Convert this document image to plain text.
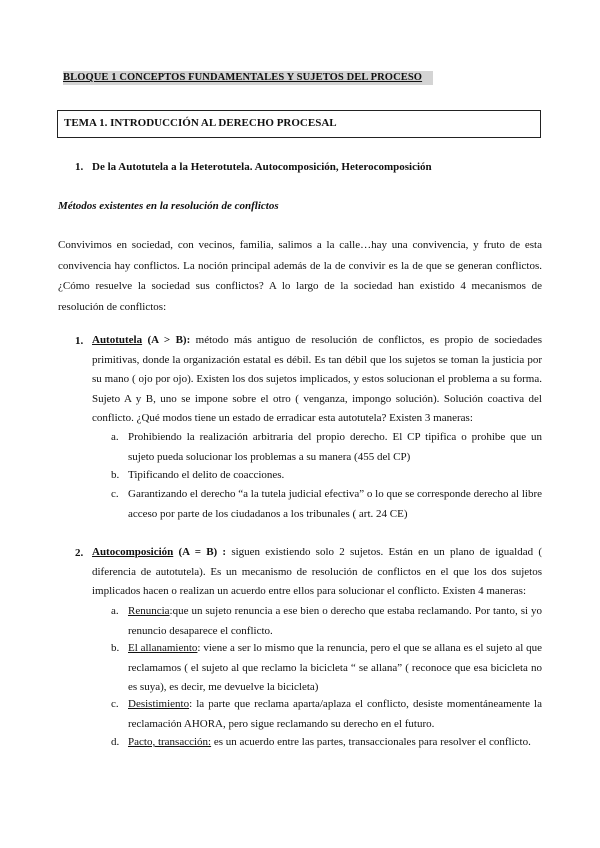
BLOQUE 1 CONCEPTOS FUNDAMENTALES Y SUJETOS DEL PROCESO
TEMA 1. INTRODUCCIÓN AL DERECHO PROCESAL
1. De la Autotutela a la Heterotutela. Autocomposición, Heterocomposición
Métodos existentes en la resolución de conflictos

Convivimos en sociedad, con vecinos, familia, salimos a la calle…hay una convivencia, y fruto de esta convivencia hay conflictos. La noción principal además de la de convivir es la de que se generan conflictos. ¿Cómo resuelve la sociedad sus conflictos? A lo largo de la sociedad han existido 4 mecanismos de resolución de conflictos:

1. Autotutela (A > B): método más antiguo de resolución de conflictos, es propio de sociedades primitivas, donde la organización estatal es débil. Es tan débil que los sujetos se toman la justicia por su mano ( ojo por ojo). Existen los dos sujetos implicados, y estos solucionan el problema a su forma. Sujeto A y B, uno se impone sobre el otro ( venganza, impongo solución). Solución coactiva del conflicto. ¿Qué modos tiene un estado de erradicar esta autotutela? Existen 3 maneras:
a. Prohibiendo la realización arbitraria del propio derecho. El CP tipifica o prohibe que un sujeto pueda solucionar los problemas a su manera (455 del CP)
b. Tipificando el delito de coacciones.
c. Garantizando el derecho “a la tutela judicial efectiva” o lo que se corresponde derecho al libre acceso por parte de los ciudadanos a los tribunales ( art. 24 CE)
2. Autocomposición (A = B) : siguen existiendo solo 2 sujetos. Están en un plano de igualdad ( diferencia de autotutela). Es un mecanismo de resolución de conflictos en el que los dos sujetos implicados hacen o realizan un acuerdo entre ellos para solucionar el conflicto. Existen 4 maneras:
a. Renuncia:que un sujeto renuncia a ese bien o derecho que estaba reclamando. Por tanto, si yo renuncio desaparece el conflicto.
b. El allanamiento: viene a ser lo mismo que la renuncia, pero el que se allana es el sujeto al que reclamamos ( el sujeto al que reclamo la bicicleta “ se allana” ( reconoce que esa bicicleta no es suya), es decir, me devuelve la bicicleta)
c. Desistimiento: la parte que reclama aparta/aplaza el conflicto, desiste momentáneamente la reclamación AHORA, pero sigue reclamando su derecho en el futuro.
d. Pacto, transacción: es un acuerdo entre las partes, transaccionales para resolver el conflicto.
